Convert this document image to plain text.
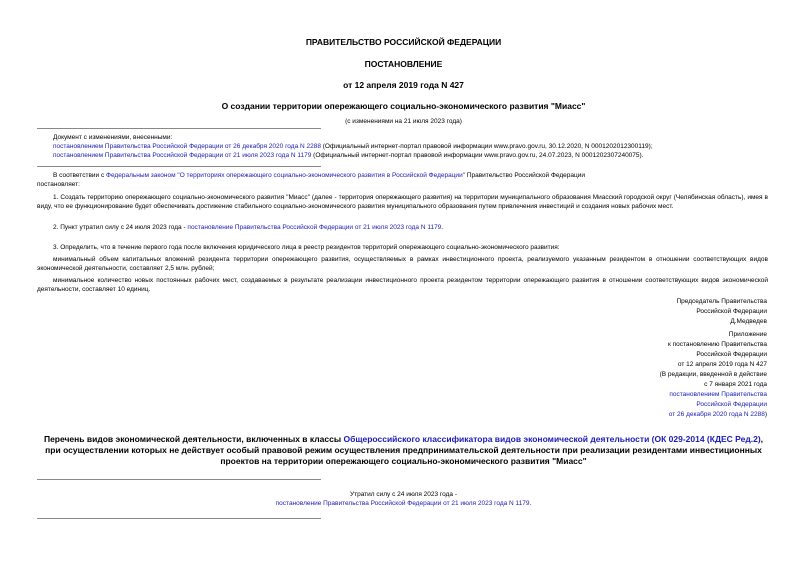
ПРАВИТЕЛЬСТВО РОССИЙСКОЙ ФЕДЕРАЦИИ
ПОСТАНОВЛЕНИЕ
от 12 апреля 2019 года N 427
О создании территории опережающего социально-экономического развития "Миасс"
(с изменениями на 21 июля 2023 года)
Документ с изменениями, внесенными:
постановлением Правительства Российской Федерации от 26 декабря 2020 года N 2288 (Официальный интернет-портал правовой информации www.pravo.gov.ru, 30.12.2020, N 0001202012300119);
постановлением Правительства Российской Федерации от 21 июля 2023 года N 1179 (Официальный интернет-портал правовой информации www.pravo.gov.ru, 24.07.2023, N 0001202307240075).
В соответствии с Федеральным законом "О территориях опережающего социально-экономического развития в Российской Федерации" Правительство Российской Федерации
постановляет:
1. Создать территорию опережающего социально-экономического развития "Миасс" (далее - территория опережающего развития) на территории муниципального образования Миасский городской округ (Челябинская область), имея в виду, что ее функционирование будет обеспечивать достижение стабильного социально-экономического развития муниципального образования путем привлечения инвестиций и создания новых рабочих мест.
2. Пункт утратил силу с 24 июля 2023 года - постановление Правительства Российской Федерации от 21 июля 2023 года N 1179.
3. Определить, что в течение первого года после включения юридического лица в реестр резидентов территорий опережающего социально-экономического развития:
минимальный объем капитальных вложений резидента территории опережающего развития, осуществляемых в рамках инвестиционного проекта, реализуемого указанным резидентом в отношении соответствующих видов экономической деятельности, составляет 2,5 млн. рублей;
минимальное количество новых постоянных рабочих мест, создаваемых в результате реализации инвестиционного проекта резидентом территории опережающего развития в отношении соответствующих видов экономической деятельности, составляет 10 единиц.
Председатель Правительства
Российской Федерации
Д.Медведев
Приложение
к постановлению Правительства
Российской Федерации
от 12 апреля 2019 года N 427
(В редакции, введенной в действие
с 7 января 2021 года
постановлением Правительства
Российской Федерации
от 26 декабря 2020 года N 2288)
Перечень видов экономической деятельности, включенных в классы Общероссийского классификатора видов экономической деятельности (ОК 029-2014 (КДЕС Ред.2), при осуществлении которых не действует особый правовой режим осуществления предпринимательской деятельности при реализации резидентами инвестиционных проектов на территории опережающего социально-экономического развития "Миасс"
Утратил силу с 24 июля 2023 года -
постановление Правительства Российской Федерации от 21 июля 2023 года N 1179.
